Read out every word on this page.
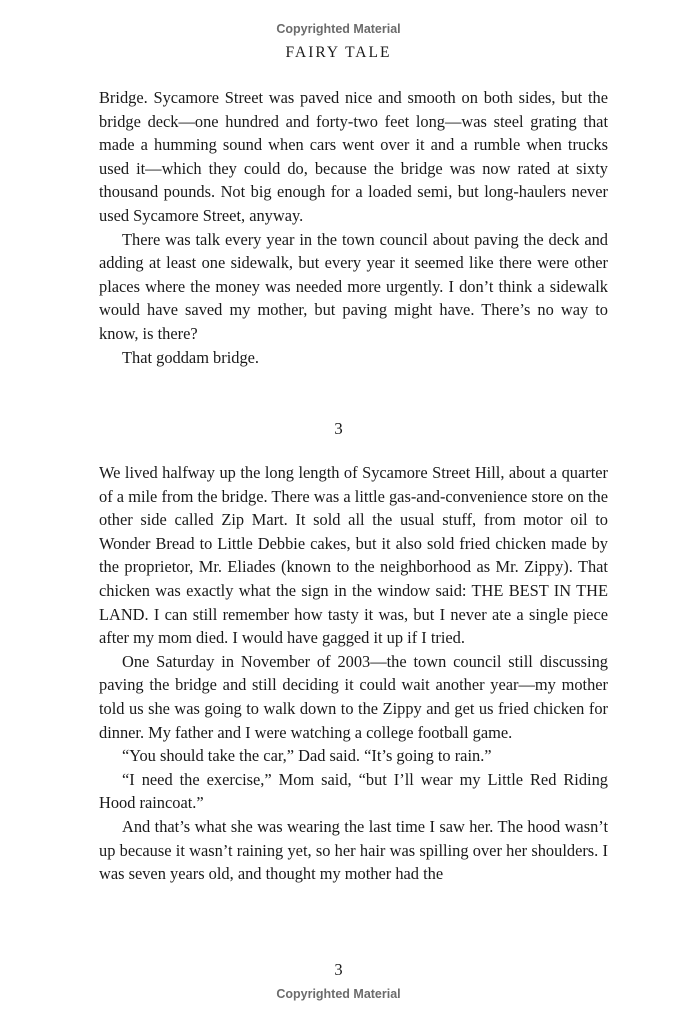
Copyrighted Material
FAIRY TALE

Bridge. Sycamore Street was paved nice and smooth on both sides, but the bridge deck—one hundred and forty-two feet long—was steel grating that made a humming sound when cars went over it and a rumble when trucks used it—which they could do, because the bridge was now rated at sixty thousand pounds. Not big enough for a loaded semi, but long-haulers never used Sycamore Street, anyway.

There was talk every year in the town council about paving the deck and adding at least one sidewalk, but every year it seemed like there were other places where the money was needed more urgently. I don’t think a sidewalk would have saved my mother, but paving might have. There’s no way to know, is there?

That goddam bridge.

3

We lived halfway up the long length of Sycamore Street Hill, about a quarter of a mile from the bridge. There was a little gas-and-convenience store on the other side called Zip Mart. It sold all the usual stuff, from motor oil to Wonder Bread to Little Debbie cakes, but it also sold fried chicken made by the proprietor, Mr. Eliades (known to the neighborhood as Mr. Zippy). That chicken was exactly what the sign in the window said: THE BEST IN THE LAND. I can still remember how tasty it was, but I never ate a single piece after my mom died. I would have gagged it up if I tried.

One Saturday in November of 2003—the town council still discussing paving the bridge and still deciding it could wait another year—my mother told us she was going to walk down to the Zippy and get us fried chicken for dinner. My father and I were watching a college football game.

“You should take the car,” Dad said. “It’s going to rain.”

“I need the exercise,” Mom said, “but I’ll wear my Little Red Riding Hood raincoat.”

And that’s what she was wearing the last time I saw her. The hood wasn’t up because it wasn’t raining yet, so her hair was spilling over her shoulders. I was seven years old, and thought my mother had the

3
Copyrighted Material
